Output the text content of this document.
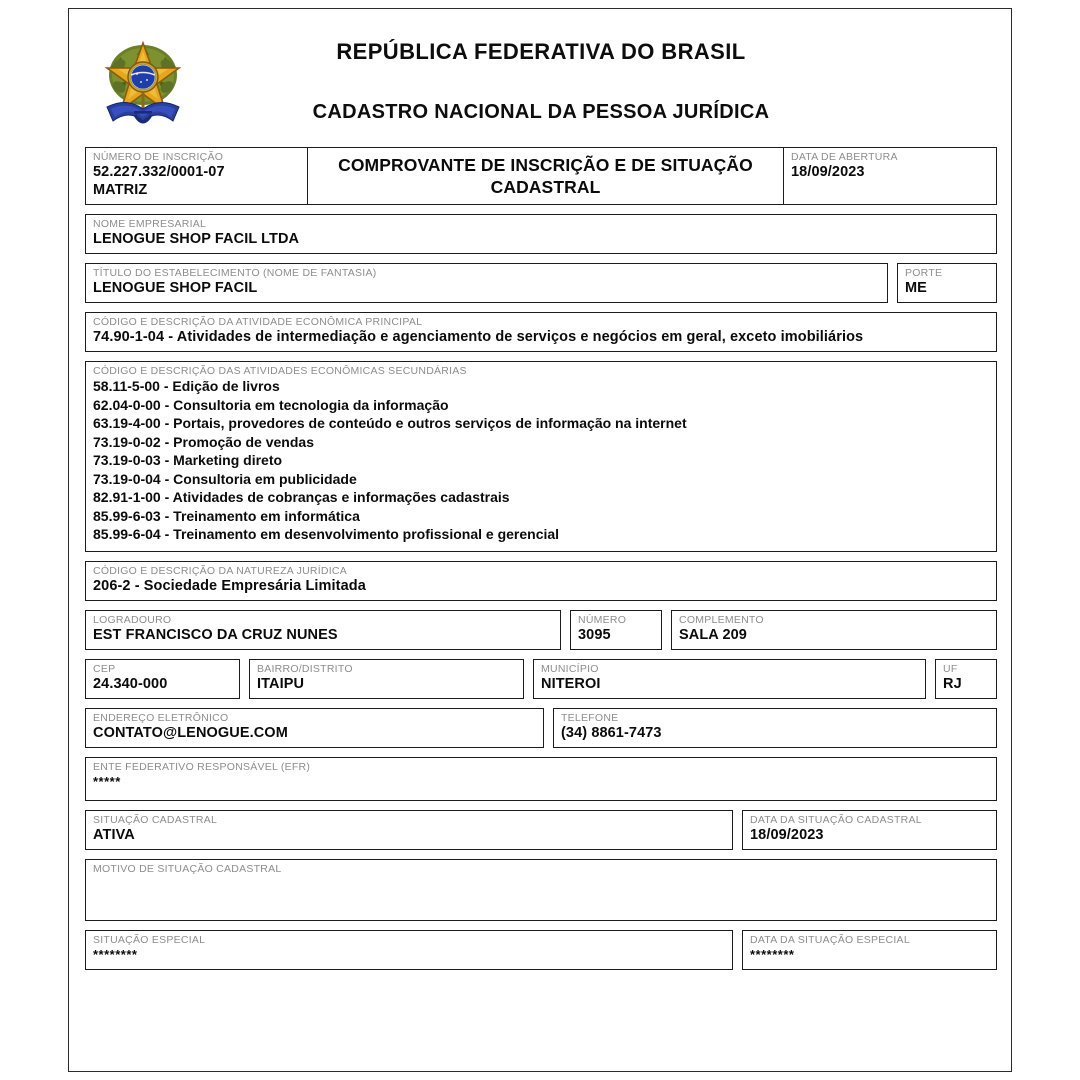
REPÚBLICA FEDERATIVA DO BRASIL
CADASTRO NACIONAL DA PESSOA JURÍDICA
NÚMERO DE INSCRIÇÃO
52.227.332/0001-07
MATRIZ
COMPROVANTE DE INSCRIÇÃO E DE SITUAÇÃO
CADASTRAL
DATA DE ABERTURA
18/09/2023
NOME EMPRESARIAL
LENOGUE SHOP FACIL LTDA
TÍTULO DO ESTABELECIMENTO (NOME DE FANTASIA)
LENOGUE SHOP FACIL
PORTE
ME
CÓDIGO E DESCRIÇÃO DA ATIVIDADE ECONÔMICA PRINCIPAL
74.90-1-04 - Atividades de intermediação e agenciamento de serviços e negócios em geral, exceto imobiliários
CÓDIGO E DESCRIÇÃO DAS ATIVIDADES ECONÔMICAS SECUNDÁRIAS
58.11-5-00 - Edição de livros
62.04-0-00 - Consultoria em tecnologia da informação
63.19-4-00 - Portais, provedores de conteúdo e outros serviços de informação na internet
73.19-0-02 - Promoção de vendas
73.19-0-03 - Marketing direto
73.19-0-04 - Consultoria em publicidade
82.91-1-00 - Atividades de cobranças e informações cadastrais
85.99-6-03 - Treinamento em informática
85.99-6-04 - Treinamento em desenvolvimento profissional e gerencial
CÓDIGO E DESCRIÇÃO DA NATUREZA JURÍDICA
206-2 - Sociedade Empresária Limitada
LOGRADOURO
EST FRANCISCO DA CRUZ NUNES
NÚMERO
3095
COMPLEMENTO
SALA 209
CEP
24.340-000
BAIRRO/DISTRITO
ITAIPU
MUNICÍPIO
NITEROI
UF
RJ
ENDEREÇO ELETRÔNICO
CONTATO@LENOGUE.COM
TELEFONE
(34) 8861-7473
ENTE FEDERATIVO RESPONSÁVEL (EFR)
*****
SITUAÇÃO CADASTRAL
ATIVA
DATA DA SITUAÇÃO CADASTRAL
18/09/2023
MOTIVO DE SITUAÇÃO CADASTRAL
SITUAÇÃO ESPECIAL
********
DATA DA SITUAÇÃO ESPECIAL
********
